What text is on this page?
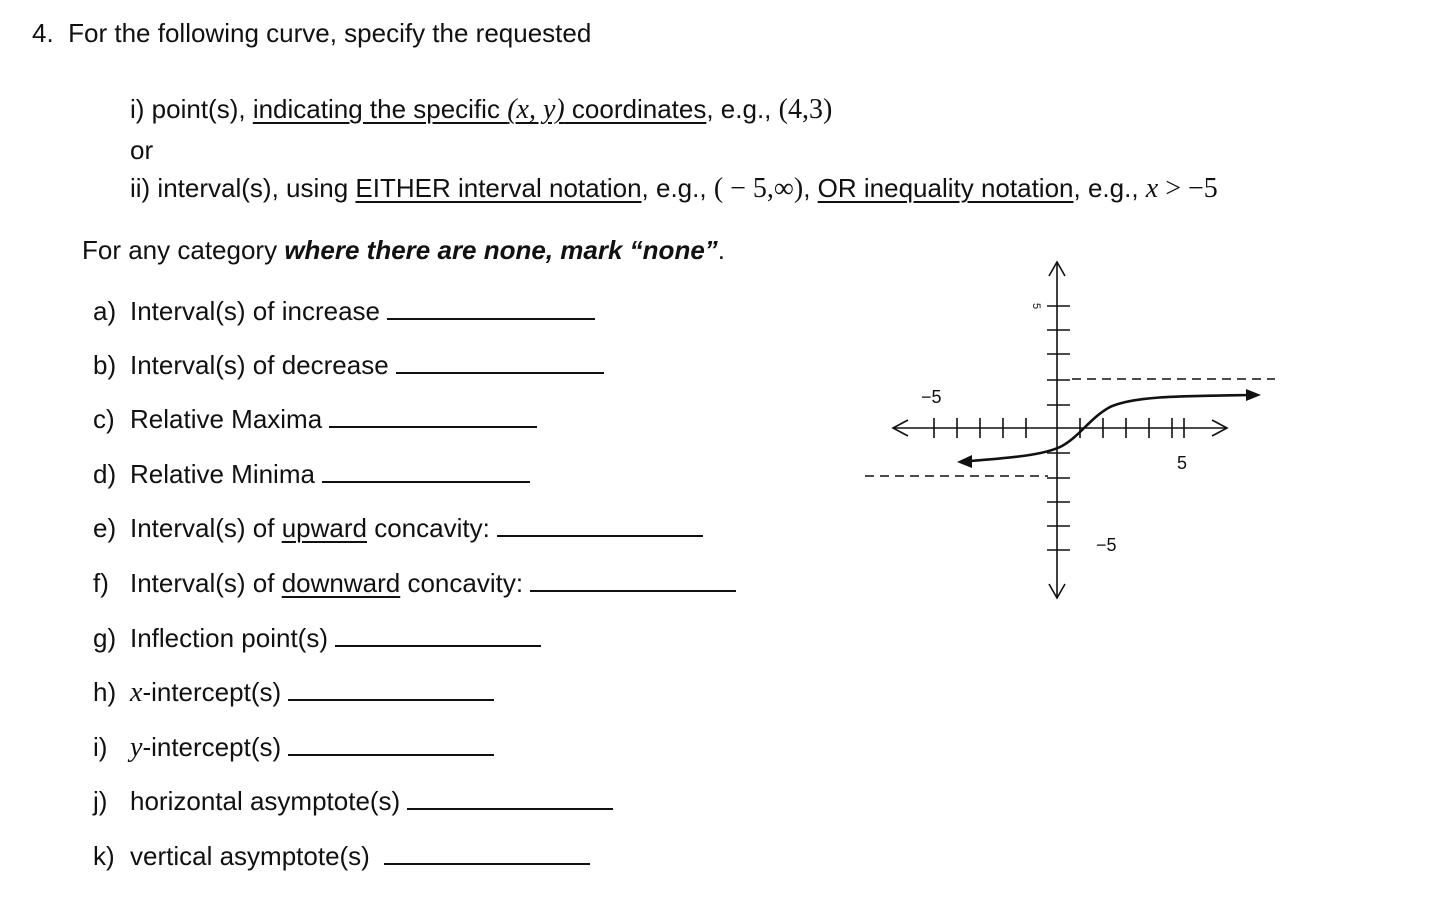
4. For the following curve, specify the requested
i) point(s), indicating the specific (x, y) coordinates, e.g., (4,3)
or
ii) interval(s), using EITHER interval notation, e.g., ( − 5,∞), OR inequality notation, e.g., x > −5
For any category where there are none, mark “none”.
a) Interval(s) of increase
b) Interval(s) of decrease
c) Relative Maxima
d) Relative Minima
e) Interval(s) of upward concavity:
f) Interval(s) of downward concavity:
g) Inflection point(s)
h) x-intercept(s)
i) y-intercept(s)
j) horizontal asymptote(s)
k) vertical asymptote(s)
−5
5
−5
5
